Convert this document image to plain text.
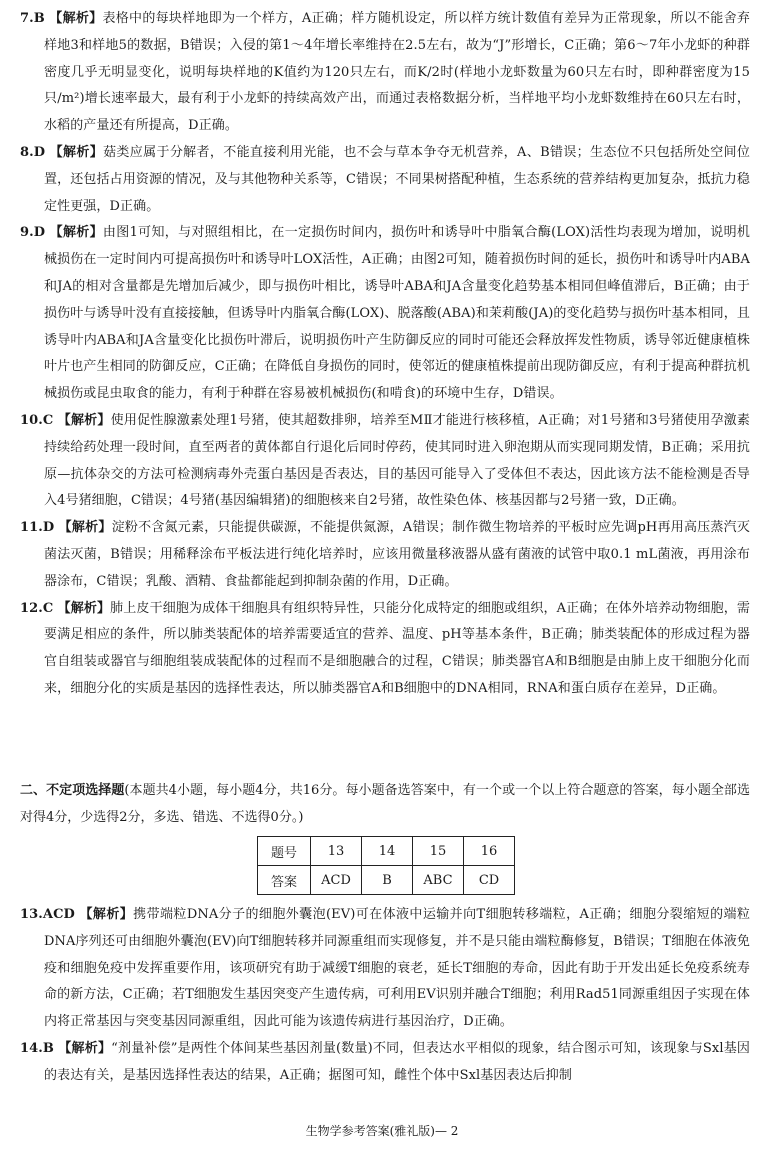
7.B 【解析】表格中的每块样地即为一个样方，A正确；样方随机设定，所以样方统计数值有差异为正常现象，所以不能舍弃样地3和样地5的数据，B错误；入侵的第1～4年增长率维持在2.5左右，故为“J”形增长，C正确；第6～7年小龙虾的种群密度几乎无明显变化，说明每块样地的K值约为120只左右，而K/2时(样地小龙虾数量为60只左右时，即种群密度为15只/m²)增长速率最大，最有利于小龙虾的持续高效产出，而通过表格数据分析，当样地平均小龙虾数维持在60只左右时，水稻的产量还有所提高，D正确。
8.D 【解析】菇类应属于分解者，不能直接利用光能，也不会与草本争夺无机营养，A、B错误；生态位不只包括所处空间位置，还包括占用资源的情况，及与其他物种关系等，C错误；不同果树搭配种植，生态系统的营养结构更加复杂，抵抗力稳定性更强，D正确。
9.D 【解析】由图1可知，与对照组相比，在一定损伤时间内，损伤叶和诱导叶中脂氧合酶(LOX)活性均表现为增加，说明机械损伤在一定时间内可提高损伤叶和诱导叶LOX活性，A正确；由图2可知，随着损伤时间的延长，损伤叶和诱导叶内ABA和JA的相对含量都是先增加后减少，即与损伤叶相比，诱导叶ABA和JA含量变化趋势基本相同但峰值滞后，B正确；由于损伤叶与诱导叶没有直接接触，但诱导叶内脂氧合酶(LOX)、脱落酸(ABA)和茉莉酸(JA)的变化趋势与损伤叶基本相同，且诱导叶内ABA和JA含量变化比损伤叶滞后，说明损伤叶产生防御反应的同时可能还会释放挥发性物质，诱导邻近健康植株叶片也产生相同的防御反应，C正确；在降低自身损伤的同时，使邻近的健康植株提前出现防御反应，有利于提高种群抗机械损伤或昆虫取食的能力，有利于种群在容易被机械损伤(和啃食)的环境中生存，D错误。
10.C 【解析】使用促性腺激素处理1号猪，使其超数排卵，培养至MⅡ才能进行核移植，A正确；对1号猪和3号猪使用孕激素持续给药处理一段时间，直至两者的黄体都自行退化后同时停药，使其同时进入卵泡期从而实现同期发情，B正确；采用抗原—抗体杂交的方法可检测病毒外壳蛋白基因是否表达，目的基因可能导入了受体但不表达，因此该方法不能检测是否导入4号猪细胞，C错误；4号猪(基因编辑猪)的细胞核来自2号猪，故性染色体、核基因都与2号猪一致，D正确。
11.D 【解析】淀粉不含氮元素，只能提供碳源，不能提供氮源，A错误；制作微生物培养的平板时应先调pH再用高压蒸汽灭菌法灭菌，B错误；用稀释涂布平板法进行纯化培养时，应该用微量移液器从盛有菌液的试管中取0.1 mL菌液，再用涂布器涂布，C错误；乳酸、酒精、食盐都能起到抑制杂菌的作用，D正确。
12.C 【解析】肺上皮干细胞为成体干细胞具有组织特异性，只能分化成特定的细胞或组织，A正确；在体外培养动物细胞，需要满足相应的条件，所以肺类装配体的培养需要适宜的营养、温度、pH等基本条件，B正确；肺类装配体的形成过程为器官自组装或器官与细胞组装成装配体的过程而不是细胞融合的过程，C错误；肺类器官A和B细胞是由肺上皮干细胞分化而来，细胞分化的实质是基因的选择性表达，所以肺类器官A和B细胞中的DNA相同，RNA和蛋白质存在差异，D正确。
二、不定项选择题(本题共4小题，每小题4分，共16分。每小题备选答案中，有一个或一个以上符合题意的答案，每小题全部选对得4分，少选得2分，多选、错选、不选得0分。)
题号	13	14	15	16
答案	ACD	B	ABC	CD
13.ACD 【解析】携带端粒DNA分子的细胞外囊泡(EV)可在体液中运输并向T细胞转移端粒，A正确；细胞分裂缩短的端粒DNA序列还可由细胞外囊泡(EV)向T细胞转移并同源重组而实现修复，并不是只能由端粒酶修复，B错误；T细胞在体液免疫和细胞免疫中发挥重要作用，该项研究有助于减缓T细胞的衰老，延长T细胞的寿命，因此有助于开发出延长免疫系统寿命的新方法，C正确；若T细胞发生基因突变产生遗传病，可利用EV识别并融合T细胞；利用Rad51同源重组因子实现在体内将正常基因与突变基因同源重组，因此可能为该遗传病进行基因治疗，D正确。
14.B 【解析】“剂量补偿”是两性个体间某些基因剂量(数量)不同，但表达水平相似的现象，结合图示可知，该现象与Sxl基因的表达有关，是基因选择性表达的结果，A正确；据图可知，雌性个体中Sxl基因表达后抑制
生物学参考答案(雅礼版)— 2
